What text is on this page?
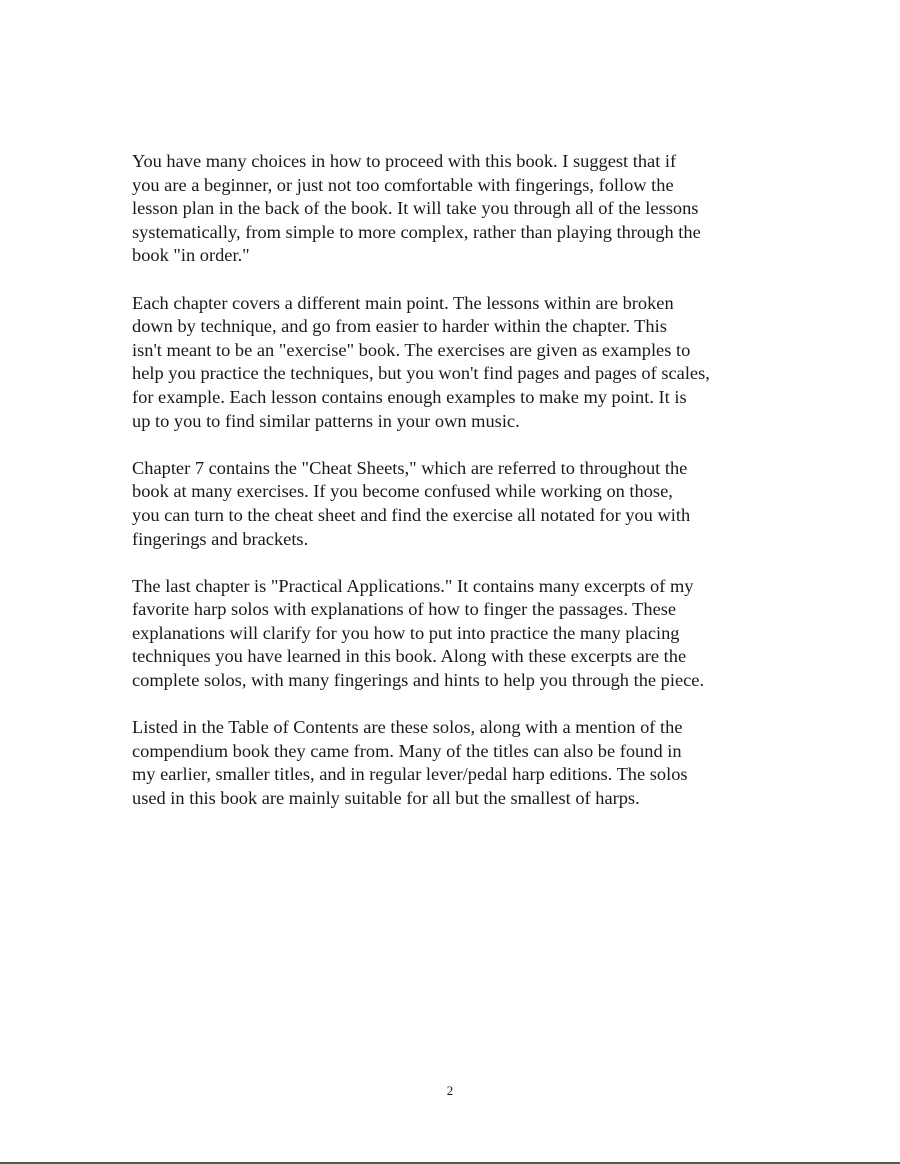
You have many choices in how to proceed with this book. I suggest that if
you are a beginner, or just not too comfortable with fingerings, follow the
lesson plan in the back of the book. It will take you through all of the lessons
systematically, from simple to more complex, rather than playing through the
book "in order."

Each chapter covers a different main point. The lessons within are broken
down by technique, and go from easier to harder within the chapter. This
isn't meant to be an "exercise" book. The exercises are given as examples to
help you practice the techniques, but you won't find pages and pages of scales,
for example. Each lesson contains enough examples to make my point. It is
up to you to find similar patterns in your own music.

Chapter 7 contains the "Cheat Sheets," which are referred to throughout the
book at many exercises. If you become confused while working on those,
you can turn to the cheat sheet and find the exercise all notated for you with
fingerings and brackets.

The last chapter is "Practical Applications." It contains many excerpts of my
favorite harp solos with explanations of how to finger the passages. These
explanations will clarify for you how to put into practice the many placing
techniques you have learned in this book. Along with these excerpts are the
complete solos, with many fingerings and hints to help you through the piece.

Listed in the Table of Contents are these solos, along with a mention of the
compendium book they came from. Many of the titles can also be found in
my earlier, smaller titles, and in regular lever/pedal harp editions. The solos
used in this book are mainly suitable for all but the smallest of harps.

2
